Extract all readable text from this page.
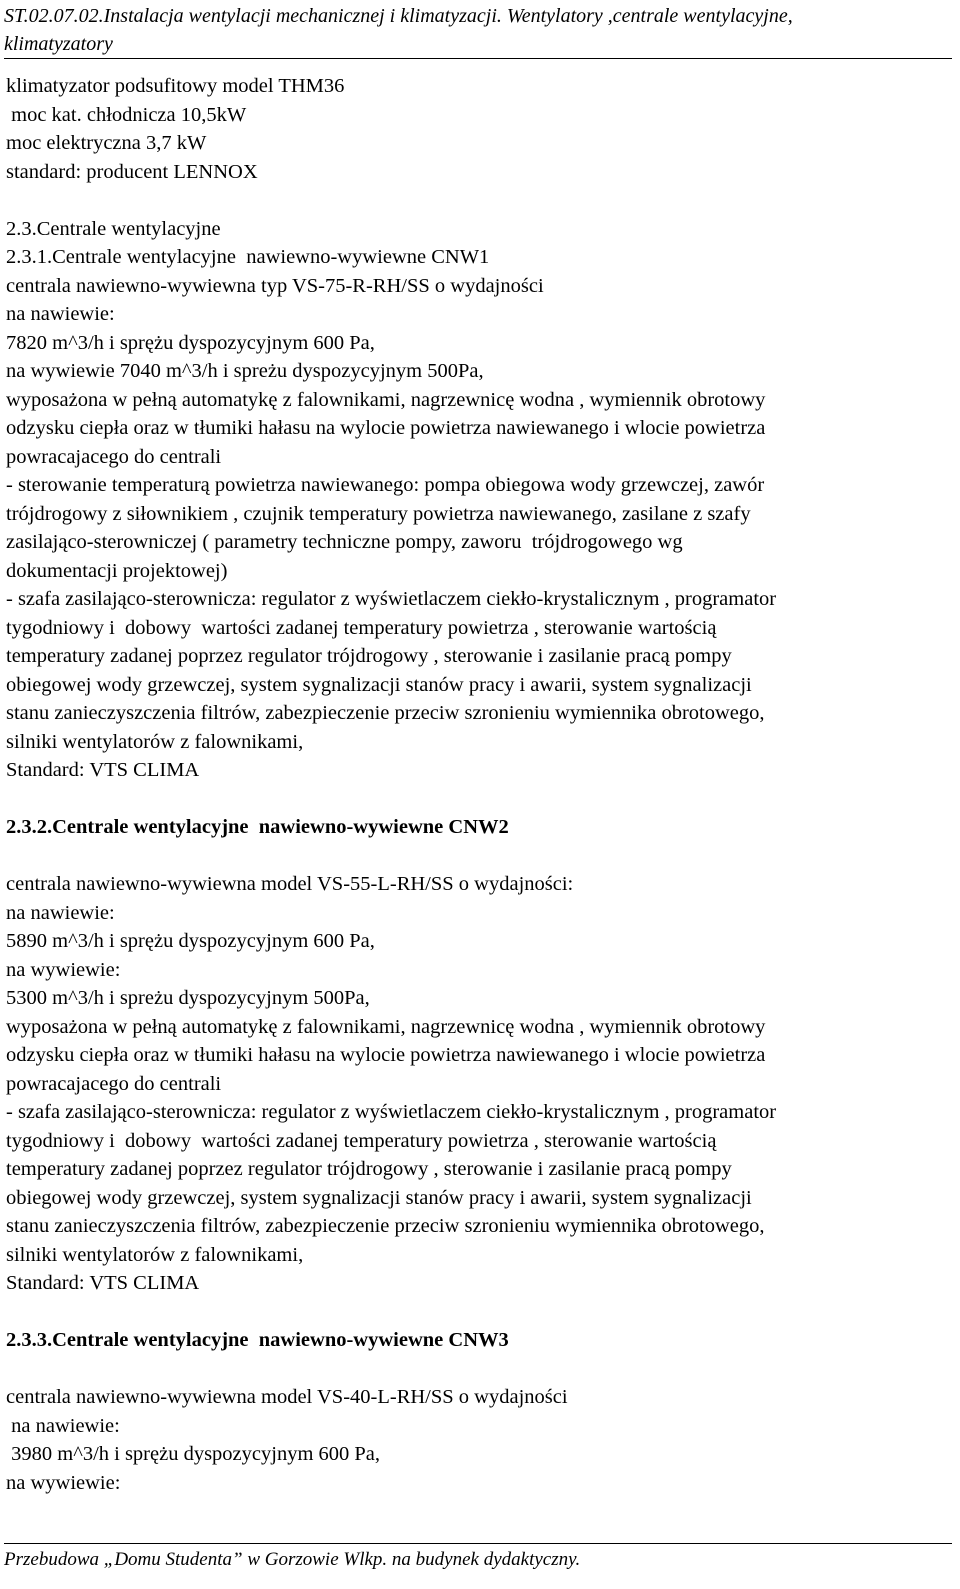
ST.02.07.02.Instalacja wentylacji mechanicznej i klimatyzacji. Wentylatory ,centrale wentylacyjne,
klimatyzatory
klimatyzator podsufitowy model THM36
moc kat. chłodnicza 10,5kW
moc elektryczna 3,7 kW
standard: producent LENNOX
2.3.Centrale wentylacyjne
2.3.1.Centrale wentylacyjne  nawiewno-wywiewne CNW1
centrala nawiewno-wywiewna typ VS-75-R-RH/SS o wydajności
na nawiewie:
7820 m^3/h i sprężu dyspozycyjnym 600 Pa,
na wywiewie 7040 m^3/h i spreżu dyspozycyjnym 500Pa,
wyposażona w pełną automatykę z falownikami, nagrzewnicę wodna , wymiennik obrotowy
odzysku ciepła oraz w tłumiki hałasu na wylocie powietrza nawiewanego i wlocie powietrza
powracajacego do centrali
- sterowanie temperaturą powietrza nawiewanego: pompa obiegowa wody grzewczej, zawór
trójdrogowy z siłownikiem , czujnik temperatury powietrza nawiewanego, zasilane z szafy
zasilająco-sterowniczej ( parametry techniczne pompy, zaworu  trójdrogowego wg
dokumentacji projektowej)
- szafa zasilająco-sterownicza: regulator z wyświetlaczem ciekło-krystalicznym , programator
tygodniowy i  dobowy  wartości zadanej temperatury powietrza , sterowanie wartością
temperatury zadanej poprzez regulator trójdrogowy , sterowanie i zasilanie pracą pompy
obiegowej wody grzewczej, system sygnalizacji stanów pracy i awarii, system sygnalizacji
stanu zanieczyszczenia filtrów, zabezpieczenie przeciw szronieniu wymiennika obrotowego,
silniki wentylatorów z falownikami,
Standard: VTS CLIMA
2.3.2.Centrale wentylacyjne  nawiewno-wywiewne CNW2
centrala nawiewno-wywiewna model VS-55-L-RH/SS o wydajności:
na nawiewie:
5890 m^3/h i sprężu dyspozycyjnym 600 Pa,
na wywiewie:
5300 m^3/h i spreżu dyspozycyjnym 500Pa,
wyposażona w pełną automatykę z falownikami, nagrzewnicę wodna , wymiennik obrotowy
odzysku ciepła oraz w tłumiki hałasu na wylocie powietrza nawiewanego i wlocie powietrza
powracajacego do centrali
- szafa zasilająco-sterownicza: regulator z wyświetlaczem ciekło-krystalicznym , programator
tygodniowy i  dobowy  wartości zadanej temperatury powietrza , sterowanie wartością
temperatury zadanej poprzez regulator trójdrogowy , sterowanie i zasilanie pracą pompy
obiegowej wody grzewczej, system sygnalizacji stanów pracy i awarii, system sygnalizacji
stanu zanieczyszczenia filtrów, zabezpieczenie przeciw szronieniu wymiennika obrotowego,
silniki wentylatorów z falownikami,
Standard: VTS CLIMA
2.3.3.Centrale wentylacyjne  nawiewno-wywiewne CNW3
centrala nawiewno-wywiewna model VS-40-L-RH/SS o wydajności
na nawiewie:
3980 m^3/h i sprężu dyspozycyjnym 600 Pa,
na wywiewie:
Przebudowa „Domu Studenta” w Gorzowie Wlkp. na budynek dydaktyczny.
